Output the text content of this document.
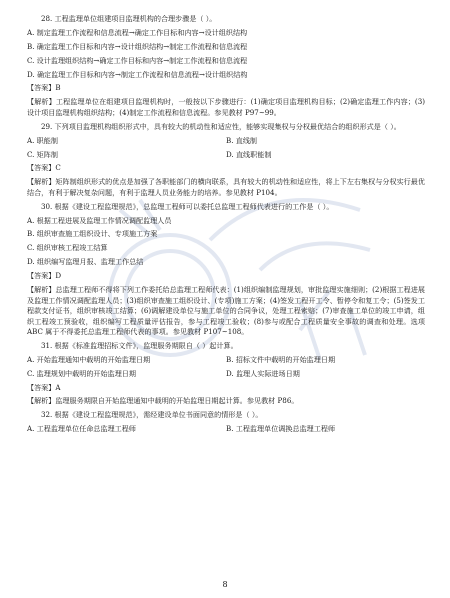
28. 工程监理单位组建项目监理机构的合理步骤是（ ）。
A. 制定监理工作流程和信息流程→确定工作目标和内容→设计组织结构
B. 确定监理工作目标和内容→设计组织结构→制定工作流程和信息流程
C. 设计监理组织结构→确定工作目标和内容→制定工作流程和信息流程
D. 确定监理工作目标和内容→制定工作流程和信息流程→设计组织结构
【答案】B
【解析】工程监理单位在组建项目监理机构时，一般按以下步骤进行：(1)确定项目监理机构目标；(2)确定监理工作内容；(3)设计项目监理机构组织结构；(4)制定工作流程和信息流程。参见教材 P97~99。
29. 下列项目监理机构组织形式中，具有较大的机动性和适应性，能够实现集权与分权最优结合的组织形式是（ ）。
A. 职能制	B. 直线制
C. 矩阵制	D. 直线职能制
【答案】C
【解析】矩阵制组织形式的优点是加强了各职能部门的横向联系，具有较大的机动性和适应性，将上下左右集权与分权实行最优结合，有利于解决复杂问题，有利于监理人员业务能力的培养。参见教材 P104。
30. 根据《建设工程监理规范》，总监理工程师可以委托总监理工程师代表进行的工作是（ ）。
A. 根据工程进展及监理工作情况调配监理人员
B. 组织审查施工组织设计、专项施工方案
C. 组织审核工程竣工结算
D. 组织编写监理月报、监理工作总结
【答案】D
【解析】总监理工程师不得将下列工作委托给总监理工程师代表：(1)组织编制监理规划，审批监理实施细则；(2)根据工程进展及监理工作情况调配监理人员；(3)组织审查施工组织设计、(专项)施工方案；(4)签发工程开工令、暂停令和复工令；(5)签发工程款支付证书，组织审核竣工结算；(6)调解建设单位与施工单位的合同争议，处理工程索赔；(7)审查施工单位的竣工申请，组织工程竣工预验收，组织编写工程质量评估报告，参与工程竣工验收；(8)参与或配合工程质量安全事故的调查和处理。选项 ABC 属于不得委托总监理工程师代表的事项。参见教材 P107~108。
31. 根据《标准监理招标文件》，监理服务期限自（ ）起计算。
A. 开始监理通知中载明的开始监理日期	B. 招标文件中载明的开始监理日期
C. 监理规划中载明的开始监理日期	D. 监理人实际进场日期
【答案】A
【解析】监理服务期限自开始监理通知中载明的开始监理日期起计算。参见教材 P86。
32. 根据《建设工程监理规范》，需经建设单位书面同意的情形是（ ）。
A. 工程监理单位任命总监理工程师	B. 工程监理单位调换总监理工程师
8
